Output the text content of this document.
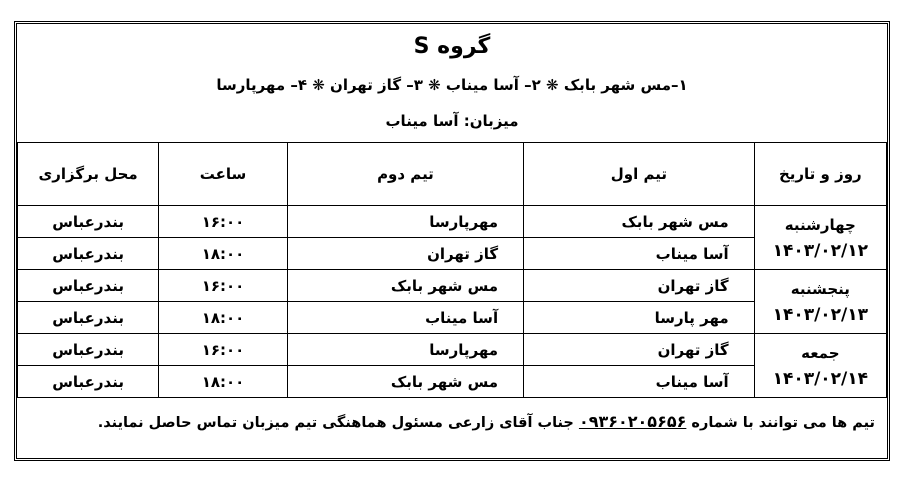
گروه S
۱–مس شهر بابک ❋ ۲– آسا میناب ❋ ۳– گاز تهران ❋ ۴– مهرپارسا
میزبان: آسا میناب
روز و تاریخ	تیم اول	تیم دوم	ساعت	محل برگزاری

چهارشنبه
۱۴۰۳/۰۲/۱۲	مس شهر بابک	مهرپارسا	۱۶:۰۰	بندرعباس
	آسا میناب	گاز تهران	۱۸:۰۰	بندرعباس

پنجشنبه
۱۴۰۳/۰۲/۱۳	گاز تهران	مس شهر بابک	۱۶:۰۰	بندرعباس
	مهر پارسا	آسا میناب	۱۸:۰۰	بندرعباس

جمعه
۱۴۰۳/۰۲/۱۴	گاز تهران	مهرپارسا	۱۶:۰۰	بندرعباس
	آسا میناب	مس شهر بابک	۱۸:۰۰	بندرعباس
تیم ها می توانند با شماره ۰۹۳۶۰۲۰۵۶۵۶ جناب آقای زارعی مسئول هماهنگی تیم میزبان تماس حاصل نمایند.
